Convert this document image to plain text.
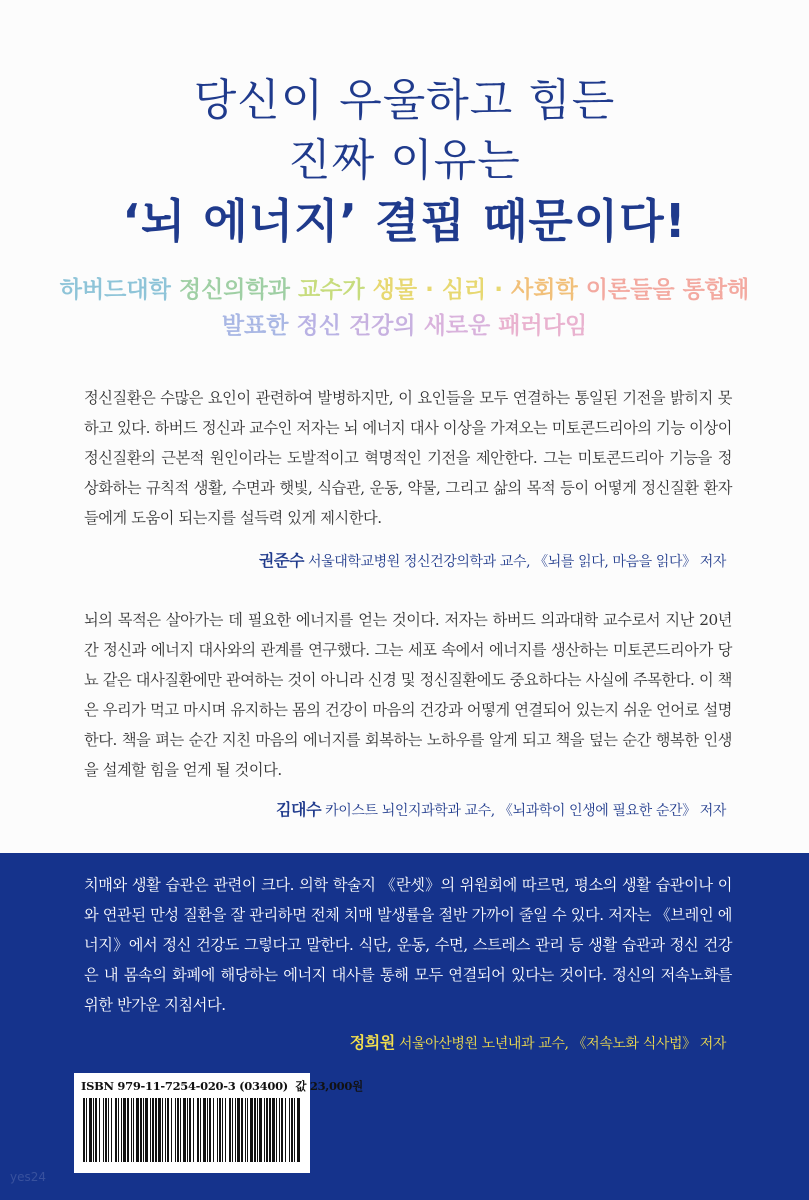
당신이 우울하고 힘든
진짜 이유는
‘뇌 에너지’ 결핍 때문이다!
하버드대학 정신의학과 교수가 생물 · 심리 · 사회학 이론들을 통합해
발표한 정신 건강의 새로운 패러다임
정신질환은 수많은 요인이 관련하여 발병하지만, 이 요인들을 모두 연결하는 통일된 기전을 밝히지 못하고 있다. 하버드 정신과 교수인 저자는 뇌 에너지 대사 이상을 가져오는 미토콘드리아의 기능 이상이 정신질환의 근본적 원인이라는 도발적이고 혁명적인 기전을 제안한다. 그는 미토콘드리아 기능을 정상화하는 규칙적 생활, 수면과 햇빛, 식습관, 운동, 약물, 그리고 삶의 목적 등이 어떻게 정신질환 환자들에게 도움이 되는지를 설득력 있게 제시한다.
권준수 서울대학교병원 정신건강의학과 교수, 《뇌를 읽다, 마음을 읽다》 저자
뇌의 목적은 살아가는 데 필요한 에너지를 얻는 것이다. 저자는 하버드 의과대학 교수로서 지난 20년간 정신과 에너지 대사와의 관계를 연구했다. 그는 세포 속에서 에너지를 생산하는 미토콘드리아가 당뇨 같은 대사질환에만 관여하는 것이 아니라 신경 및 정신질환에도 중요하다는 사실에 주목한다. 이 책은 우리가 먹고 마시며 유지하는 몸의 건강이 마음의 건강과 어떻게 연결되어 있는지 쉬운 언어로 설명한다. 책을 펴는 순간 지친 마음의 에너지를 회복하는 노하우를 알게 되고 책을 덮는 순간 행복한 인생을 설계할 힘을 얻게 될 것이다.
김대수 카이스트 뇌인지과학과 교수, 《뇌과학이 인생에 필요한 순간》 저자
치매와 생활 습관은 관련이 크다. 의학 학술지 《란셋》의 위원회에 따르면, 평소의 생활 습관이나 이와 연관된 만성 질환을 잘 관리하면 전체 치매 발생률을 절반 가까이 줄일 수 있다. 저자는 《브레인 에너지》에서 정신 건강도 그렇다고 말한다. 식단, 운동, 수면, 스트레스 관리 등 생활 습관과 정신 건강은 내 몸속의 화폐에 해당하는 에너지 대사를 통해 모두 연결되어 있다는 것이다. 정신의 저속노화를 위한 반가운 지침서다.
정희원 서울아산병원 노년내과 교수, 《저속노화 식사법》 저자
ISBN 979-11-7254-020-3 (03400) 값 23,000원
yes24
